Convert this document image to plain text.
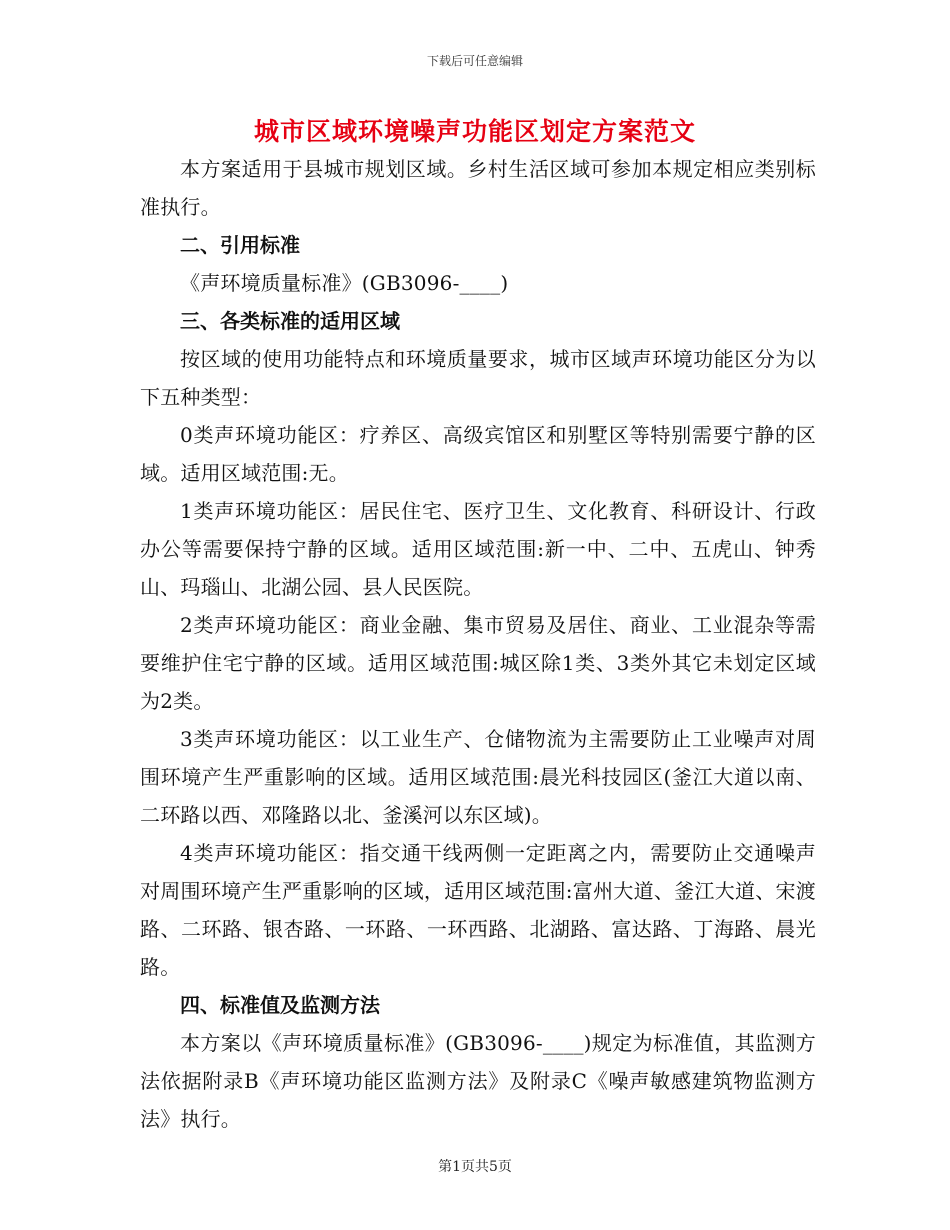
下载后可任意编辑
城市区域环境噪声功能区划定方案范文

本方案适用于县城市规划区域。乡村生活区域可参加本规定相应类别标准执行。

二、引用标准

《声环境质量标准》(GB3096-____)

三、各类标准的适用区域

按区域的使用功能特点和环境质量要求，城市区域声环境功能区分为以下五种类型：

0类声环境功能区：疗养区、高级宾馆区和别墅区等特别需要宁静的区域。适用区域范围:无。

1类声环境功能区：居民住宅、医疗卫生、文化教育、科研设计、行政办公等需要保持宁静的区域。适用区域范围:新一中、二中、五虎山、钟秀山、玛瑙山、北湖公园、县人民医院。

2类声环境功能区：商业金融、集市贸易及居住、商业、工业混杂等需要维护住宅宁静的区域。适用区域范围:城区除1类、3类外其它未划定区域为2类。

3类声环境功能区：以工业生产、仓储物流为主需要防止工业噪声对周围环境产生严重影响的区域。适用区域范围:晨光科技园区(釜江大道以南、二环路以西、邓隆路以北、釜溪河以东区域)。

4类声环境功能区：指交通干线两侧一定距离之内，需要防止交通噪声对周围环境产生严重影响的区域，适用区域范围:富州大道、釜江大道、宋渡路、二环路、银杏路、一环路、一环西路、北湖路、富达路、丁海路、晨光路。

四、标准值及监测方法

本方案以《声环境质量标准》(GB3096-____)规定为标准值，其监测方法依据附录B《声环境功能区监测方法》及附录C《噪声敏感建筑物监测方法》执行。

第1页共5页
